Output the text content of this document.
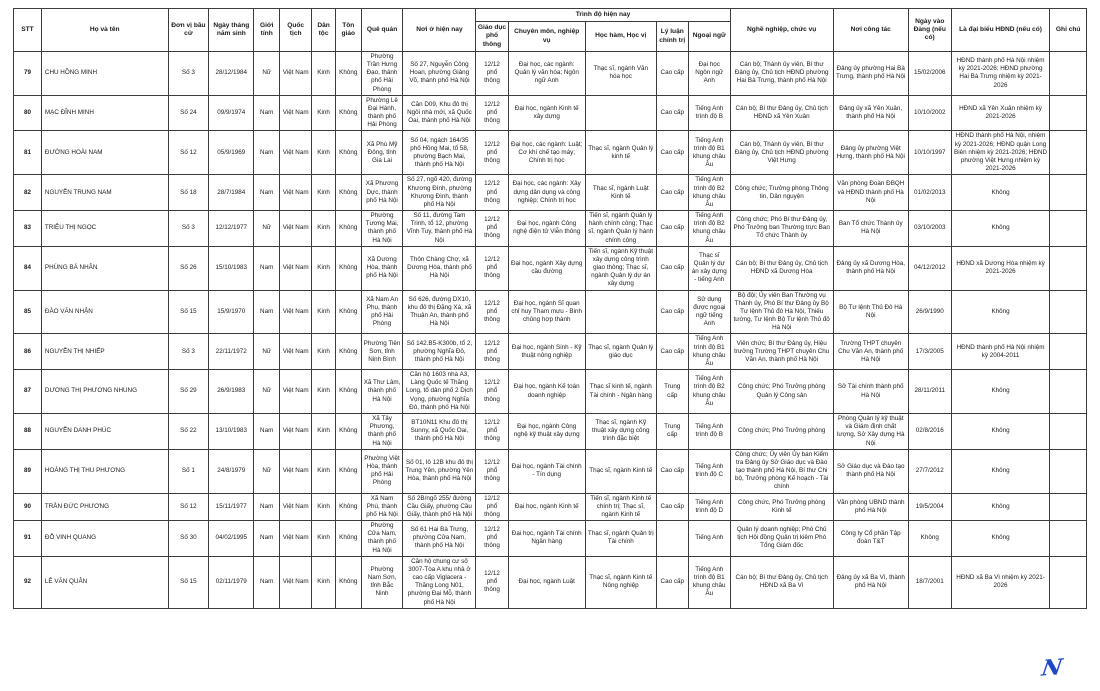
STT	Họ và tên	Đơn vị bầu cử	Ngày tháng năm sinh	Giới tính	Quốc tịch	Dân tộc	Tôn giáo	Quê quán	Nơi ở hiện nay	Trình độ hiện nay					Nghề nghiệp, chức vụ	Nơi công tác	Ngày vào Đảng (nếu có)	Là đại biểu HĐND (nếu có)	Ghi chú
										Giáo dục phổ thông	Chuyên môn, nghiệp vụ	Học hàm, Học vị	Lý luận chính trị	Ngoại ngữ					
79	CHU HỒNG MINH	Số 3	28/12/1984	Nữ	Việt Nam	Kinh	Không	Phường Trần Hưng Đạo, thành phố Hải Phòng	Số 27, Nguyễn Công Hoan, phường Giảng Võ, thành phố Hà Nội	12/12 phổ thông	Đại học, các ngành: Quản lý văn hóa; Ngôn ngữ Anh	Thạc sĩ, ngành Văn hóa học	Cao cấp	Đại học Ngôn ngữ Anh	Cán bộ; Thành ủy viên, Bí thư Đảng ủy, Chủ tịch HĐND phường Hai Bà Trưng, thành phố Hà Nội	Đảng ủy phường Hai Bà Trưng, thành phố Hà Nội	15/02/2006	HĐND thành phố Hà Nội nhiệm kỳ 2021-2026; HĐND phường Hai Bà Trưng nhiệm kỳ 2021-2026	
80	MẠC ĐĨNH MINH	Số 24	09/9/1974	Nam	Việt Nam	Kinh	Không	Phường Lê Đại Hành, thành phố Hải Phòng	Căn D09, Khu đô thị Ngôi nhà mới, xã Quốc Oai, thành phố Hà Nội	12/12 phổ thông	Đại học, ngành Kinh tế xây dựng		Cao cấp	Tiếng Anh trình độ B	Cán bộ; Bí thư Đảng ủy, Chủ tịch HĐND xã Yên Xuân	Đảng ủy xã Yên Xuân, thành phố Hà Nội	10/10/2002	HĐND xã Yên Xuân nhiệm kỳ 2021-2026	
81	ĐƯỜNG HOÀI NAM	Số 12	05/9/1969	Nam	Việt Nam	Kinh	Không	Xã Phù Mỹ Đông, tỉnh Gia Lai	Số 04, ngách 164/35 phố Hồng Mai, tổ 58, phường Bạch Mai, thành phố Hà Nội	12/12 phổ thông	Đại học, các ngành: Luật; Cơ khí chế tạo máy; Chính trị học	Thạc sĩ, ngành Quản lý kinh tế	Cao cấp	Tiếng Anh trình độ B1 khung châu Âu	Cán bộ, Thành ủy viên, Bí thư Đảng ủy, Chủ tịch HĐND phường Việt Hưng	Đảng ủy phường Việt Hưng, thành phố Hà Nội	10/10/1997	HĐND thành phố Hà Nội, nhiệm kỳ 2021-2026; HĐND quận Long Biên nhiệm kỳ 2021-2026; HĐND phường Việt Hưng nhiệm kỳ 2021-2026	
82	NGUYỄN TRUNG NAM	Số 18	28/7/1984	Nam	Việt Nam	Kinh	Không	Xã Phương Dực, thành phố Hà Nội	Số 27, ngõ 420, đường Khương Đình, phường Khương Đình, thành phố Hà Nội	12/12 phổ thông	Đại học, các ngành: Xây dựng dân dụng và công nghiệp; Chính trị học	Thạc sĩ, ngành Luật Kinh tế	Cao cấp	Tiếng Anh trình độ B2 khung châu Âu	Công chức; Trưởng phòng Thông tin, Dân nguyện	Văn phòng Đoàn ĐBQH và HĐND thành phố Hà Nội	01/02/2013	Không	
83	TRIỆU THỊ NGỌC	Số 3	12/12/1977	Nữ	Việt Nam	Kinh	Không	Phường Tương Mai, thành phố Hà Nội	Số 11, đường Tam Trinh, tổ 12, phường Vĩnh Tuy, thành phố Hà Nội	12/12 phổ thông	Đại học, ngành Công nghệ điện tử Viễn thông	Tiến sĩ, ngành Quản lý hành chính công; Thạc sĩ, ngành Quản lý hành chính công	Cao cấp	Tiếng Anh trình độ B2 khung châu Âu	Công chức; Phó Bí thư Đảng ủy, Phó Trưởng ban Thường trực Ban Tổ chức Thành ủy	Ban Tổ chức Thành ủy Hà Nội	03/10/2003	Không	
84	PHÙNG BÁ NHÂN	Số 26	15/10/1983	Nam	Việt Nam	Kinh	Không	Xã Dương Hòa, thành phố Hà Nội	Thôn Chàng Chợ, xã Dương Hòa, thành phố Hà Nội	12/12 phổ thông	Đại học, ngành Xây dựng cầu đường	Tiến sĩ, ngành Kỹ thuật xây dựng công trình giao thông; Thạc sĩ, ngành Quản lý dự án xây dựng	Cao cấp	Thạc sĩ Quản lý dự án xây dựng - tiếng Anh	Cán bộ; Bí thư Đảng ủy, Chủ tịch HĐND xã Dương Hòa	Đảng ủy xã Dương Hòa, thành phố Hà Nội	04/12/2012	HĐND xã Dương Hòa nhiệm kỳ 2021-2026	
85	ĐÀO VĂN NHẬN	Số 15	15/9/1970	Nam	Việt Nam	Kinh	Không	Xã Nam An Phụ, thành phố Hải Phòng	Số 626, đường DX10, khu đô thị Đặng Xá, xã Thuận An, thành phố Hà Nội	12/12 phổ thông	Đại học, ngành Sĩ quan chỉ huy Tham mưu - Binh chủng hợp thành		Cao cấp	Sử dụng được ngoại ngữ tiếng Anh	Bộ đội; Ủy viên Ban Thường vụ Thành ủy, Phó Bí thư Đảng ủy Bộ Tư lệnh Thủ đô Hà Nội, Thiếu tướng, Tư lệnh Bộ Tư lệnh Thủ đô Hà Nội	Bộ Tư lệnh Thủ Đô Hà Nội	26/9/1990	Không	
86	NGUYỄN THỊ NHIẾP	Số 3	22/11/1972	Nữ	Việt Nam	Kinh	Không	Phường Tiên Sơn, tỉnh Ninh Bình	Số 142.B5-K300b, tổ 2, phường Nghĩa Đô, thành phố Hà Nội	12/12 phổ thông	Đại học, ngành Sinh - Kỹ thuật nông nghiệp	Thạc sĩ, ngành Quản lý giáo dục	Cao cấp	Tiếng Anh trình độ B1 khung châu Âu	Viên chức; Bí thư Đảng ủy, Hiệu trưởng Trường THPT chuyên Chu Văn An, thành phố Hà Nội	Trường THPT chuyên Chu Văn An, thành phố Hà Nội	17/3/2005	HĐND thành phố Hà Nội nhiệm kỳ 2004-2011	
87	DƯƠNG THỊ PHƯƠNG NHUNG	Số 29	26/9/1983	Nữ	Việt Nam	Kinh	Không	Xã Thư Lâm, thành phố Hà Nội	Căn hộ 1603 nhà A3, Làng Quốc tế Thăng Long, tổ dân phố 2 Dịch Vọng, phường Nghĩa Đô, thành phố Hà Nội	12/12 phổ thông	Đại học, ngành Kế toán doanh nghiệp	Thạc sĩ kinh tế, ngành Tài chính - Ngân hàng	Trung cấp	Tiếng Anh trình độ B2 khung châu Âu	Công chức; Phó Trưởng phòng Quản lý Công sản	Sở Tài chính thành phố Hà Nội	28/11/2011	Không	
88	NGUYỄN DANH PHÚC	Số 22	13/10/1983	Nam	Việt Nam	Kinh	Không	Xã Tây Phương, thành phố Hà Nội	BT10N11 Khu đô thị Sunny, xã Quốc Oai, thành phố Hà Nội	12/12 phổ thông	Đại học, ngành Công nghệ kỹ thuật xây dựng	Thạc sĩ, ngành Kỹ thuật xây dựng công trình đặc biệt	Trung cấp	Tiếng Anh trình độ B	Công chức; Phó Trưởng phòng	Phòng Quản lý kỹ thuật và Giám định chất lượng, Sở Xây dựng Hà Nội	02/8/2016	Không	
89	HOÀNG THỊ THU PHƯƠNG	Số 1	24/8/1979	Nữ	Việt Nam	Kinh	Không	Phường Việt Hòa, thành phố Hải Phòng	Số 01, lô 12B khu đô thị Trung Yên, phường Yên Hòa, thành phố Hà Nội	12/12 phổ thông	Đại học, ngành Tài chính - Tín dụng	Thạc sĩ, ngành Kinh tế	Cao cấp	Tiếng Anh trình độ C	Công chức; Ủy viên Ủy ban Kiểm tra Đảng ủy Sở Giáo dục và Đào tạo thành phố Hà Nội, Bí thư Chi bộ, Trưởng phòng Kế hoạch - Tài chính	Sở Giáo dục và Đào tạo thành phố Hà Nội	27/7/2012	Không	
90	TRẦN ĐỨC PHƯƠNG	Số 12	15/11/1977	Nam	Việt Nam	Kinh	Không	Xã Nam Phù, thành phố Hà Nội	Số 2B/ngõ 255/ đường Cầu Giấy, phường Cầu Giấy, thành phố Hà Nội	12/12 phổ thông	Đại học, ngành Kinh tế	Tiến sĩ, ngành Kinh tế chính trị; Thạc sĩ, ngành Kinh tế	Cao cấp	Tiếng Anh trình độ D	Công chức, Phó Trưởng phòng Kinh tế	Văn phòng UBND thành phố Hà Nội	19/5/2004	Không	
91	ĐỖ VINH QUANG	Số 30	04/02/1995	Nam	Việt Nam	Kinh	Không	Phường Cửa Nam, thành phố Hà Nội	Số 61 Hai Bà Trưng, phường Cửa Nam, thành phố Hà Nội	12/12 phổ thông	Đại học, ngành Tài chính Ngân hàng	Thạc sĩ, ngành Quản trị Tài chính		Tiếng Anh	Quản lý doanh nghiệp; Phó Chủ tịch Hội đồng Quản trị kiêm Phó Tổng Giám đốc	Công ty Cổ phần Tập đoàn T&T	Không	Không	
92	LÊ VĂN QUÂN	Số 15	02/11/1979	Nam	Việt Nam	Kinh	Không	Phường Nam Sơn, tỉnh Bắc Ninh	Căn hộ chung cư số 3007-Tòa A khu nhà ở cao cấp Viglacera - Thăng Long N01, phường Đại Mỗ, thành phố Hà Nội	12/12 phổ thông	Đại học, ngành Luật	Thạc sĩ, ngành Kinh tế Nông nghiệp	Cao cấp	Tiếng Anh trình độ B1 khung châu Âu	Cán bộ; Bí thư Đảng ủy, Chủ tịch HĐND xã Ba Vì	Đảng ủy xã Ba Vì, thành phố Hà Nội	18/7/2001	HĐND xã Ba Vì nhiệm kỳ 2021-2026	
N
